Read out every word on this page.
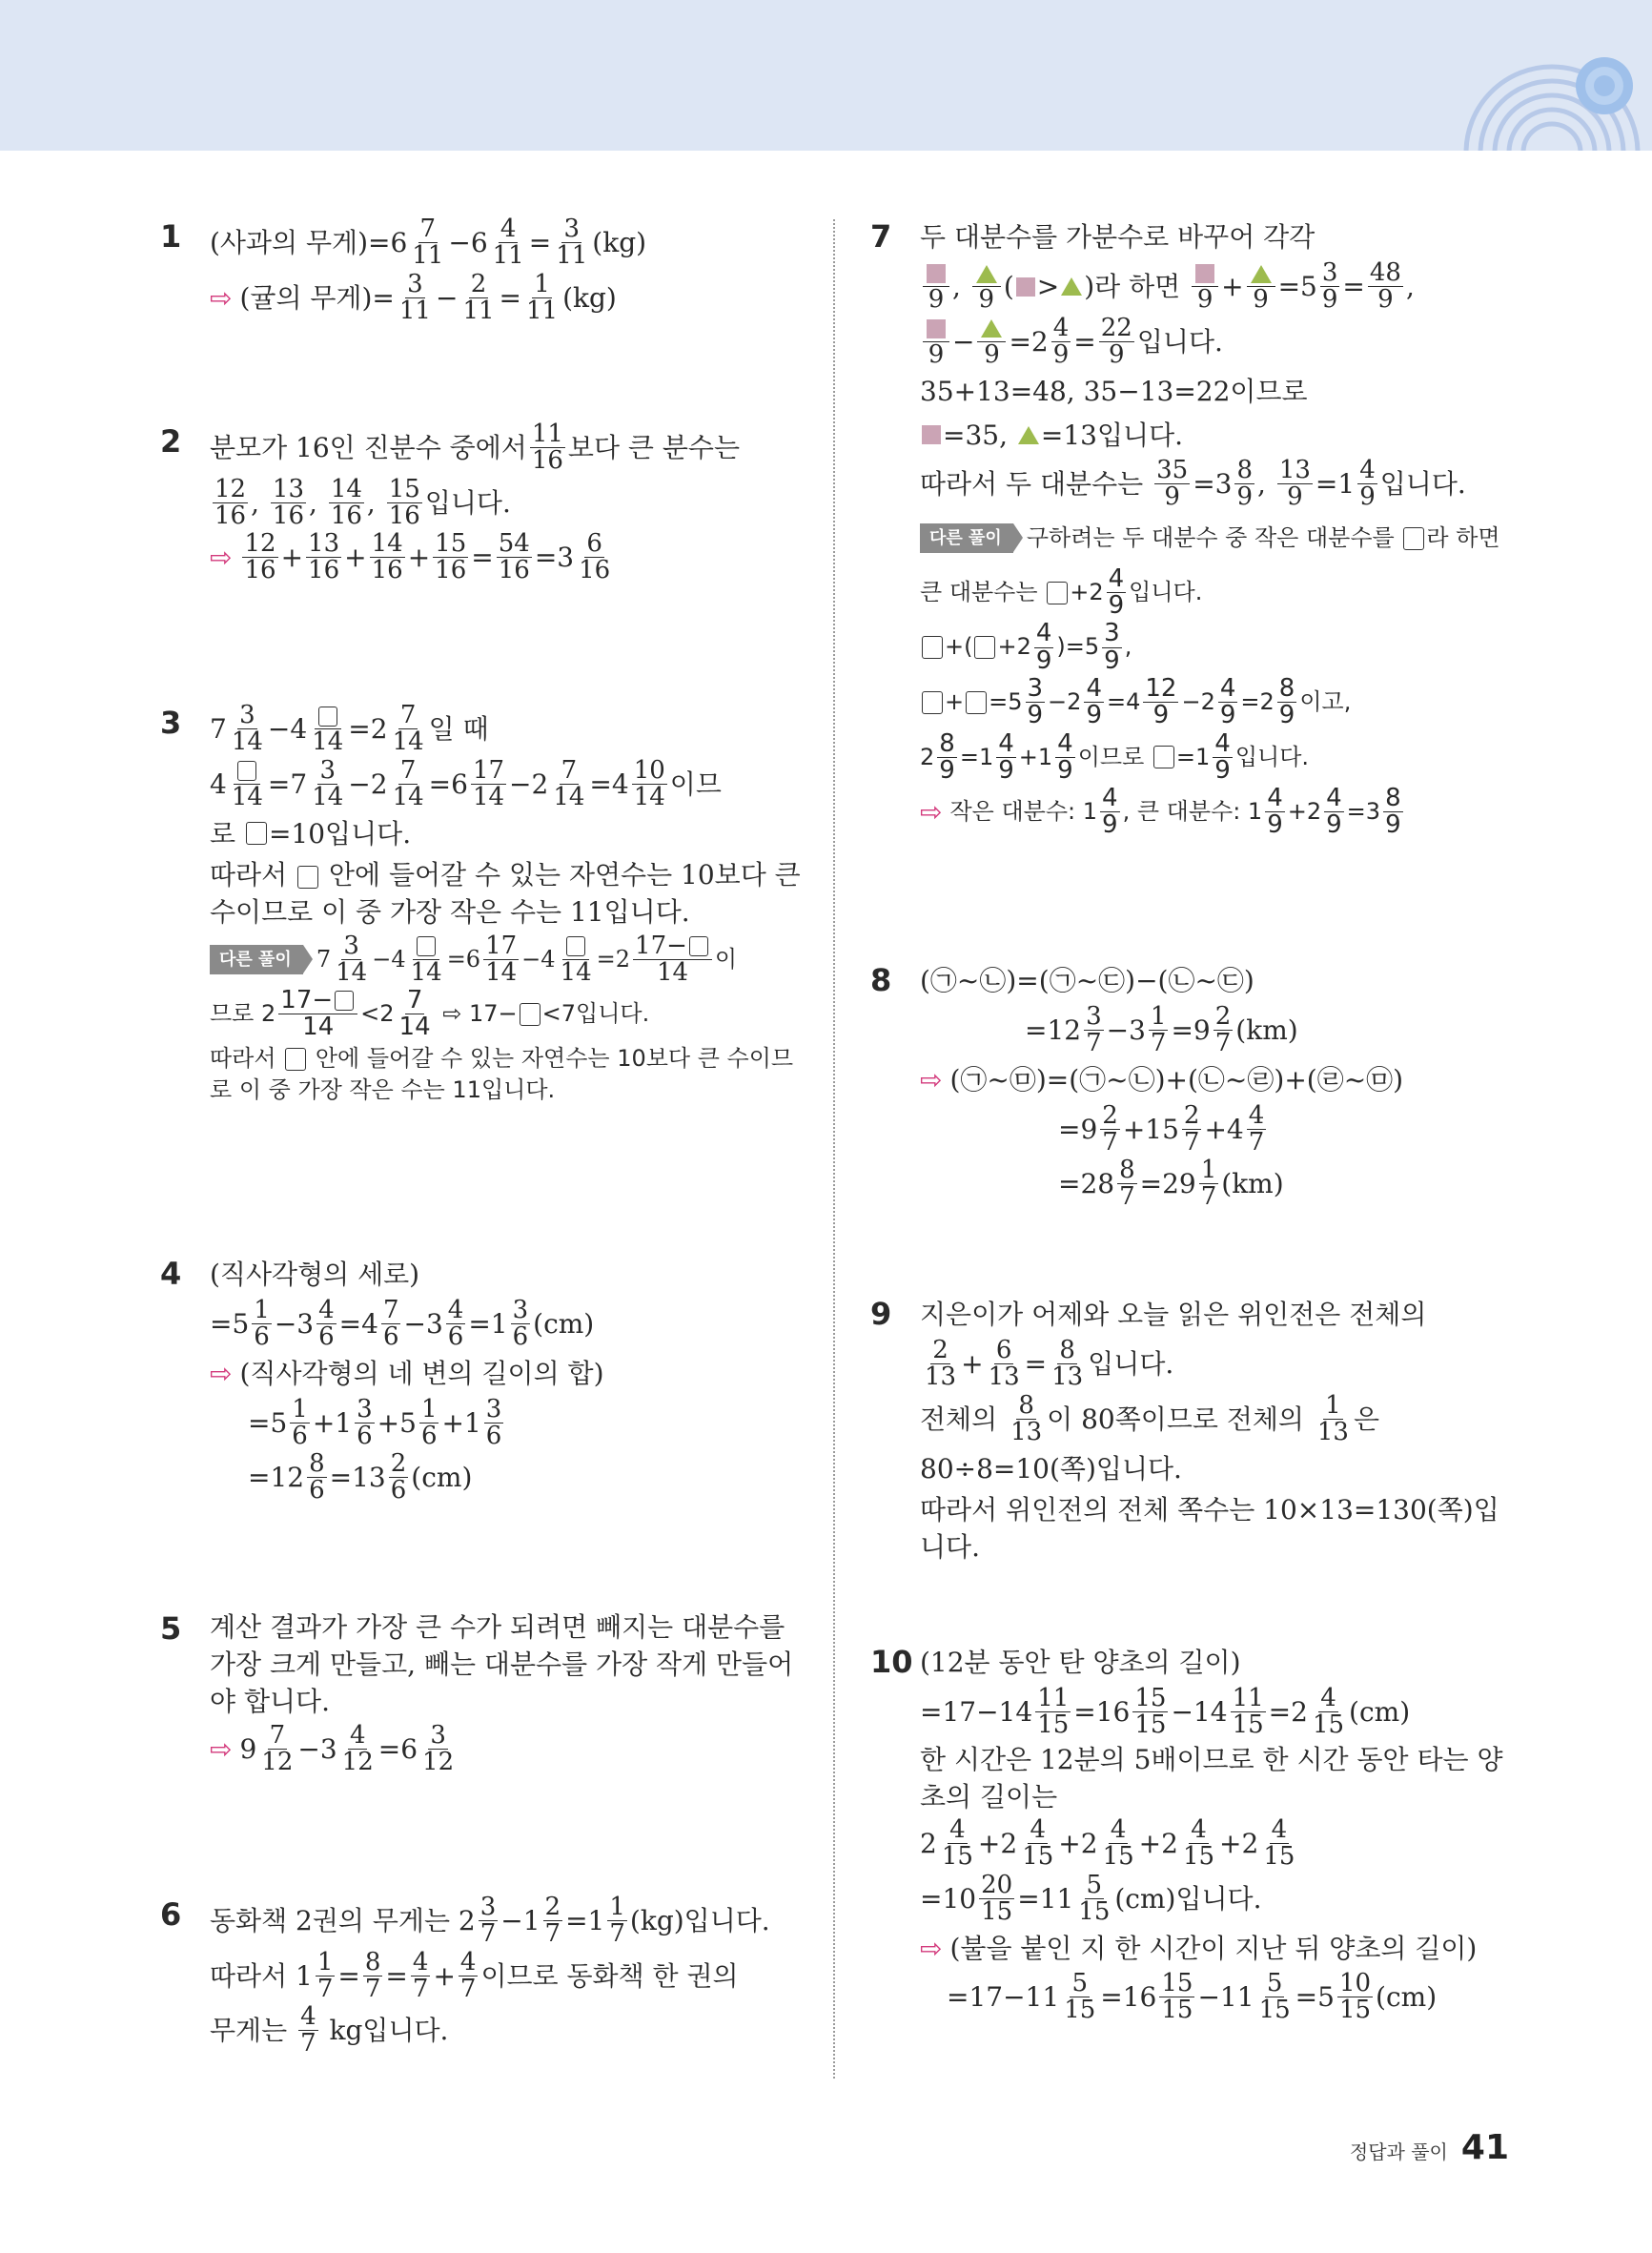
1 (사과의 무게)=6 7
$11 -6 \frac{4}{11} = \frac{3}{11} (kg)$
⇨ (귤의 무게)= $\frac{3}{11} - \frac{2}{11} = \frac{1}{11} (kg)$
2 분모가 16인 진분수 중에서 11
16 보다 큰 분수는
12
16 , 13
16 , 14
16 , 15
16 입니다.
⇨ 12
16 + 13
16 + 14
16 + 15
16 = 54
16 =3 6
16
3 7 3
14 −4 14 =2 7
14 일 때
4 14 =7 3
14 −2 7
14 =6 17
14 −2 7
14 =4 10
14 이므
로
=10입니다.
따라서 안에 들어갈 수 있는 자연수는 10보다 큰 수이므로 이 중 가장 작은 수는 11입니다.
다른 풀이	7 3
14 −4 14 =6 17
14 −4 14 =2 17−
14 이
므로 2 17−
14 <2 7
14
⇨ 17− <7입니다.
따라서 안에 들어갈 수 있는 자연수는 10보다 큰 수이므로 이 중 가장 작은 수는 11입니다.
4 (직사각형의 세로)
=5 1
6 −3 4
6 =4 7
6 −3 4
6 =1 3
6 (cm)
⇨ (직사각형의 네 변의 길이의 합)
=5 1
6 +1 3
6 +5 1
6 +1 3
6
=12 8
6 =13 2
6 (cm)
5 계산 결과가 가장 큰 수가 되려면 빼지는 대분수를 가장 크게 만들고, 빼는 대분수를 가장 작게 만들어야 합니다.
⇨ 9 7
12 −3 4
12 =6 3
12
6 동화책 2권의 무게는 2 3
7 −1 2
7 =1 1
7 (kg)입니다.
따라서 1 1
7 = 8
7 = 4
7 + 4
7 이므로 동화책 한 권의
무게는
4
7
kg입니다.
7 두 대분수를 가분수로 바꾸어 각각
9 , 9 ( > ) 라 하면
9 + 9 =5 3
9 = 48
9 ,
9 − 9 =2 4
9 = 22
9 입니다.
35+13=48, 35−13=22이므로
=35,
=13입니다.
따라서 두 대분수는
35
9 =3 8
9 , 13
9 =1 4
9 입니다.
다른 풀이	구하려는 두 대분수 중 작은 대분수를
라 하면
큰 대분수는
+2 4
9 입니다.
+( +2 4
9 )=5 3
9 ,
+ =5 3
9 −2 4
9 =4 12
9 −2 4
9 =2 8
9 이고,
2 8
9 =1 4
9 +1 4
9 이므로
=1 4
9 입니다.
⇨ 작은 대분수: 1 4
9 , 큰 대분수: 1 4
9 +2 4
9 =3 8
9
8 (㉠~㉡)=(㉠~㉢)−(㉡~㉢)
=12 3
7 −3 1
7 =9 2
7 (km)
⇨ (㉠~㉤)=(㉠~㉡)+(㉡~㉣)+(㉣~㉤)
=9 2
7 +15 2
7 +4 4
7
=28 8
7 =29 1
7 (km)
9 지은이가 어제와 오늘 읽은 위인전은 전체의
2
13 + 6
13 = 8
13 입니다.
전체의
8
13 이 80쪽이므로 전체의
1
13 은
80÷8=10(쪽)입니다.
따라서 위인전의 전체 쪽수는 10×13=130(쪽)입니다.
10 (12분 동안 탄 양초의 길이)
=17−14 11
15 =16 15
15 −14 11
15 =2 4
15 (cm)
한 시간은 12분의 5배이므로 한 시간 동안 타는 양초의 길이는
2 4
15 +2 4
15 +2 4
15 +2 4
15 +2 4
15
=10 20
15 =11 5
15 (cm)입니다.
⇨ (불을 붙인 지 한 시간이 지난 뒤 양초의 길이)
=17−11 5
15 =16 15
15 −11 5
15 =5 10
15 (cm)
정답과 풀이 41
